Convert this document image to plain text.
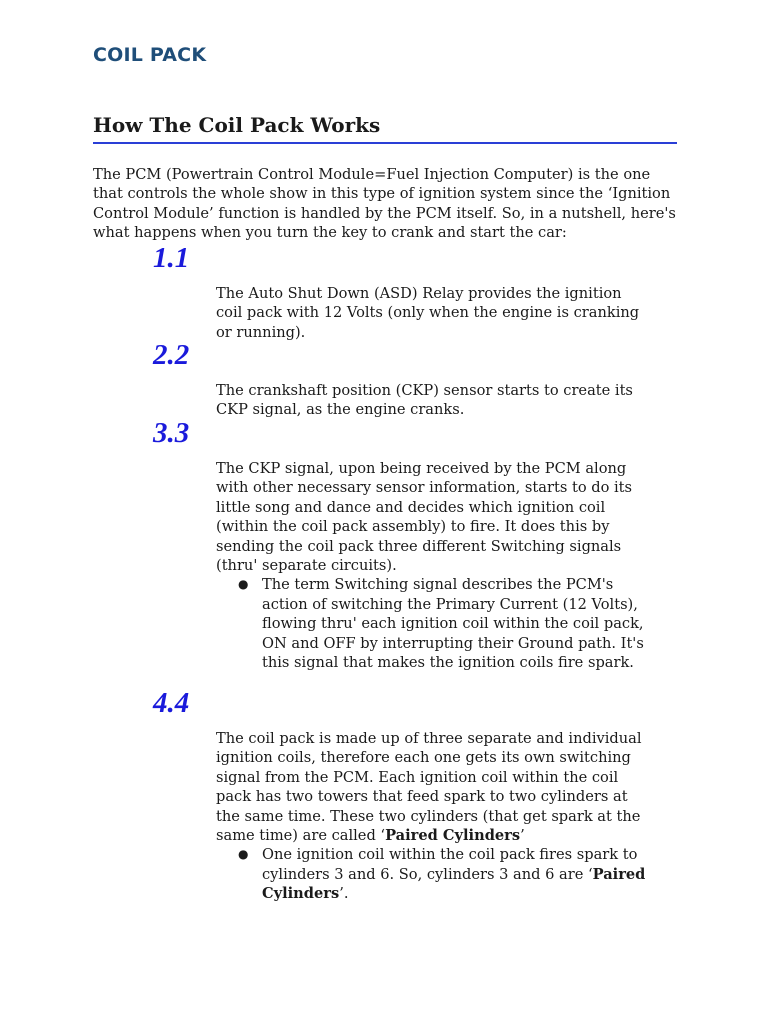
COIL PACK
How The Coil Pack Works

The PCM (Powertrain Control Module=Fuel Injection Computer) is the one that controls the whole show in this type of ignition system since the ‘Ignition Control Module’ function is handled by the PCM itself. So, in a nutshell, here's what happens when you turn the key to crank and start the car:

1.1

The Auto Shut Down (ASD) Relay provides the ignition coil pack with 12 Volts (only when the engine is cranking or running).

2.2

The crankshaft position (CKP) sensor starts to create its CKP signal, as the engine cranks.

3.3

The CKP signal, upon being received by the PCM along with other necessary sensor information, starts to do its little song and dance and decides which ignition coil (within the coil pack assembly) to fire. It does this by sending the coil pack three different Switching signals (thru' separate circuits).

● The term Switching signal describes the PCM's action of switching the Primary Current (12 Volts), flowing thru' each ignition coil within the coil pack, ON and OFF by interrupting their Ground path. It's this signal that makes the ignition coils fire spark.
4.4

The coil pack is made up of three separate and individual ignition coils, therefore each one gets its own switching signal from the PCM. Each ignition coil within the coil pack has two towers that feed spark to two cylinders at the same time. These two cylinders (that get spark at the same time) are called ‘Paired Cylinders’

● One ignition coil within the coil pack fires spark to cylinders 3 and 6. So, cylinders 3 and 6 are ‘Paired Cylinders’.
